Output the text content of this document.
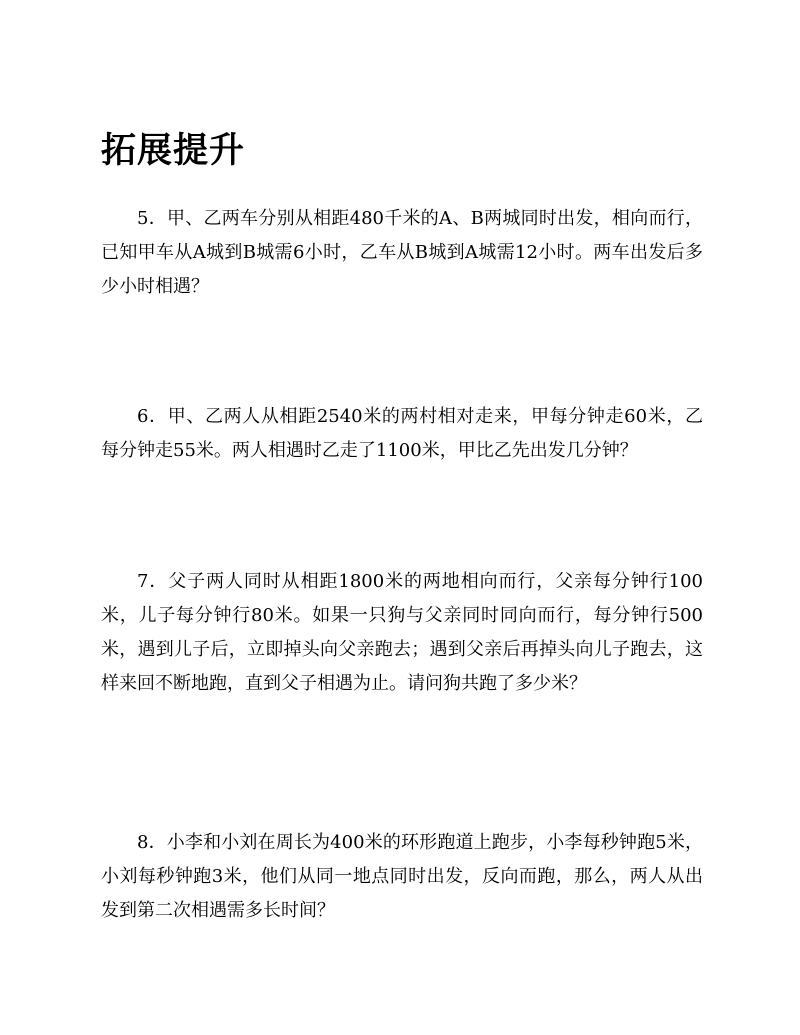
拓展提升

5．甲、乙两车分别从相距480千米的A、B两城同时出发，相向而行，已知甲车从A城到B城需6小时，乙车从B城到A城需12小时。两车出发后多少小时相遇？

6．甲、乙两人从相距2540米的两村相对走来，甲每分钟走60米，乙每分钟走55米。两人相遇时乙走了1100米，甲比乙先出发几分钟？

7．父子两人同时从相距1800米的两地相向而行，父亲每分钟行100米，儿子每分钟行80米。如果一只狗与父亲同时同向而行，每分钟行500米，遇到儿子后，立即掉头向父亲跑去；遇到父亲后再掉头向儿子跑去，这样来回不断地跑，直到父子相遇为止。请问狗共跑了多少米？

8．小李和小刘在周长为400米的环形跑道上跑步，小李每秒钟跑5米，小刘每秒钟跑3米，他们从同一地点同时出发，反向而跑，那么，两人从出发到第二次相遇需多长时间？
